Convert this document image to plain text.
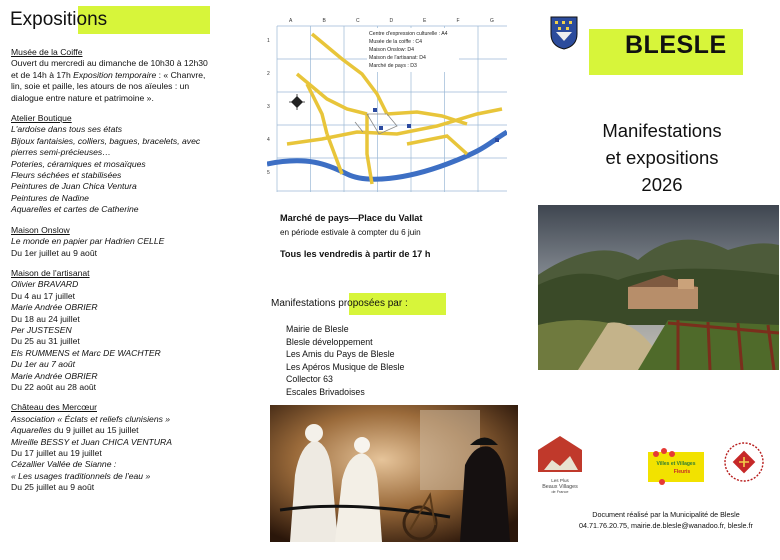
Expositions
Musée de la Coiffe
Ouvert du mercredi au dimanche de 10h30 à 12h30
et de 14h à 17h Exposition temporaire : « Chanvre,
lin, soie et paille, les atours de nos aïeules : un
dialogue entre nature et patrimoine ».
Atelier Boutique
L'ardoise dans tous ses états
Bijoux fantaisies, colliers, bagues, bracelets, avec
pierres semi-précieuses…
Poteries, céramiques et mosaïques
Fleurs séchées et stabilisées
Peintures de Juan Chica Ventura
Peintures de Nadine
Aquarelles et cartes de Catherine
Maison Onslow
Le monde en papier par Hadrien CELLE
Du 1er juillet au 9 août
Maison de l'artisanat
Olivier BRAVARD
Du 4 au 17 juillet
Marie Andrée OBRIER
Du 18 au 24 juillet
Per JUSTESEN
Du 25 au 31 juillet
Els RUMMENS et Marc DE WACHTER
Du 1er au 7 août
Marie Andrée OBRIER
Du 22 août au 28 août
Château des Mercœur
Association « Éclats et reliefs clunisiens »
Aquarelles du 9 juillet au 15 juillet
Mireille BESSY et Juan CHICA VENTURA
Du 17 juillet au 19 juillet
Cézallier Vallée de Sianne :
« Les usages traditionnels de l'eau »
Du 25 juillet au 9 août
A	B	C	D	E	F	G
1
2
3
4
5
Centre d'expression culturelle : A4
Musée de la coiffe : C4
Maison Onslow: D4
Maison de l'artisanat: D4
Marché de pays : D3
Marché de pays—Place du Vallat
en période estivale à compter du 6 juin
Tous les vendredis à partir de 17 h
Manifestations proposées par :
Mairie de Blesle
Blesle développement
Les Amis du Pays de Blesle
Les Apéros Musique de Blesle
Collector 63
Escales Brivadoises
BLESLE
Manifestations
et expositions
2026
Les Plus
Beaux Villages
de France
Villes et Villages
Fleuris
Document réalisé par la Municipalité de Blesle
04.71.76.20.75, mairie.de.blesle@wanadoo.fr, blesle.fr
